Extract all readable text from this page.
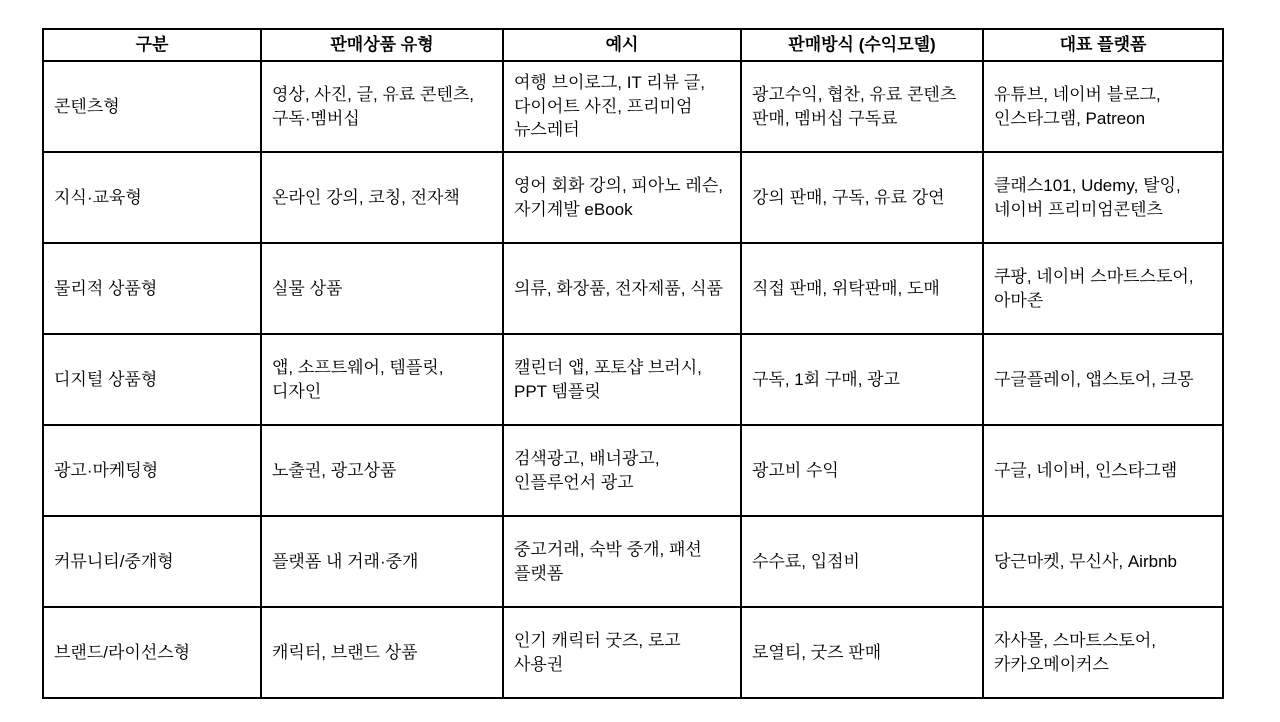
구분	판매상품 유형	예시	판매방식 (수익모델)	대표 플랫폼
콘텐츠형	영상, 사진, 글, 유료 콘텐츠, 구독·멤버십	여행 브이로그, IT 리뷰 글, 다이어트 사진, 프리미엄 뉴스레터	광고수익, 협찬, 유료 콘텐츠 판매, 멤버십 구독료	유튜브, 네이버 블로그, 인스타그램, Patreon
지식·교육형	온라인 강의, 코칭, 전자책	영어 회화 강의, 피아노 레슨, 자기계발 eBook	강의 판매, 구독, 유료 강연	클래스101, Udemy, 탈잉, 네이버 프리미엄콘텐츠
물리적 상품형	실물 상품	의류, 화장품, 전자제품, 식품	직접 판매, 위탁판매, 도매	쿠팡, 네이버 스마트스토어, 아마존
디지털 상품형	앱, 소프트웨어, 템플릿, 디자인	캘린더 앱, 포토샵 브러시, PPT 템플릿	구독, 1회 구매, 광고	구글플레이, 앱스토어, 크몽
광고·마케팅형	노출권, 광고상품	검색광고, 배너광고, 인플루언서 광고	광고비 수익	구글, 네이버, 인스타그램
커뮤니티/중개형	플랫폼 내 거래·중개	중고거래, 숙박 중개, 패션 플랫폼	수수료, 입점비	당근마켓, 무신사, Airbnb
브랜드/라이선스형	캐릭터, 브랜드 상품	인기 캐릭터 굿즈, 로고 사용권	로열티, 굿즈 판매	자사몰, 스마트스토어, 카카오메이커스
